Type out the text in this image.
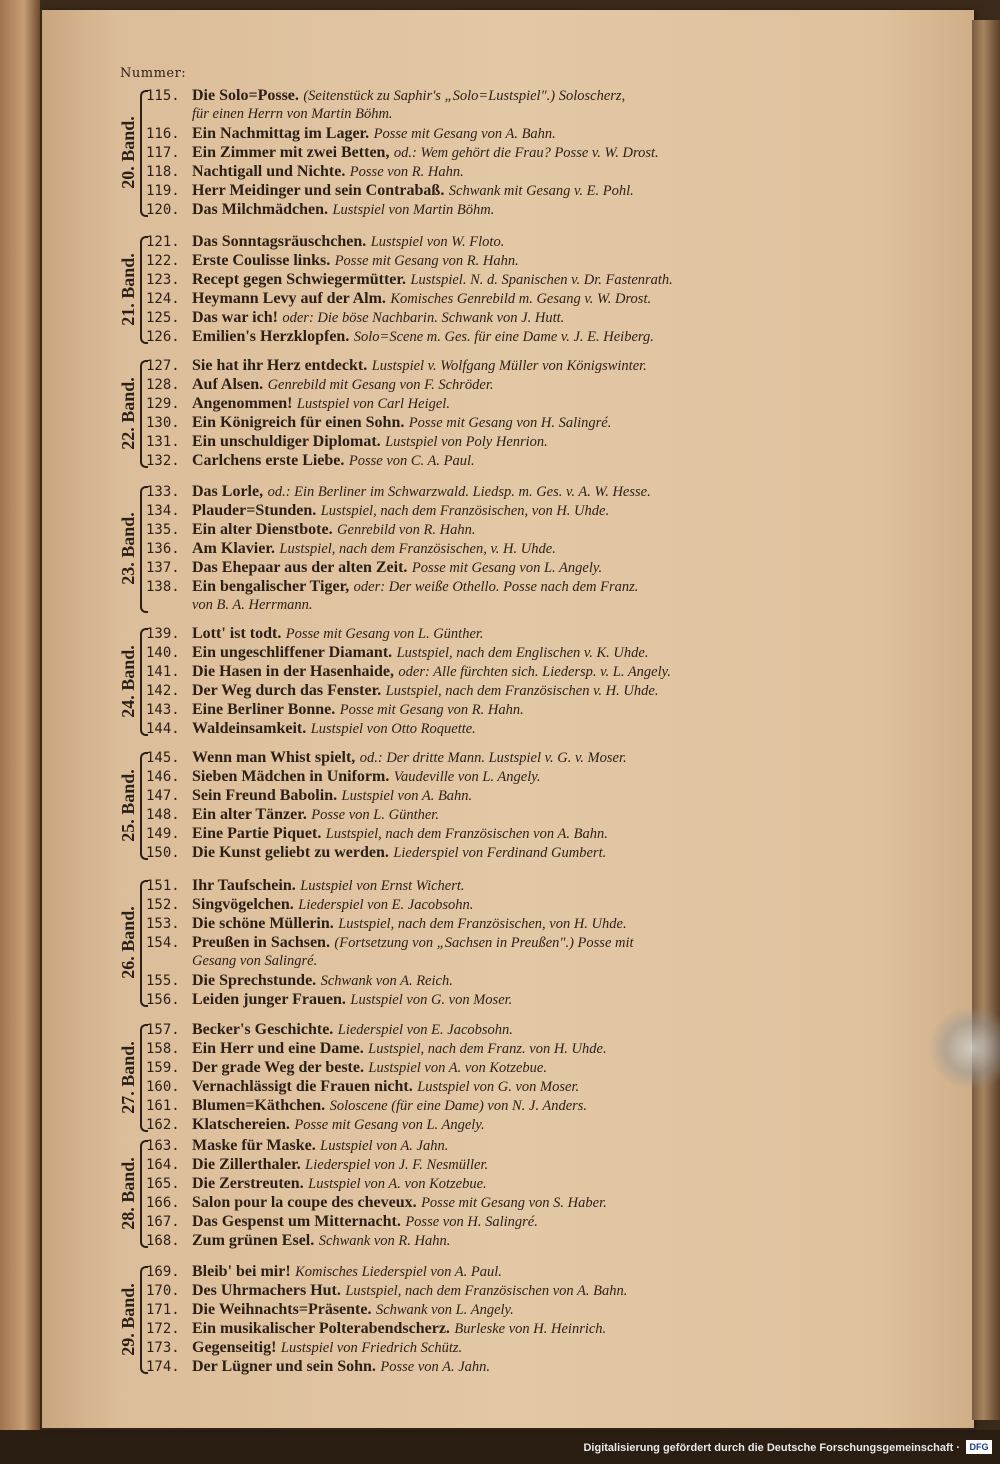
Nummer:
20. Band.
115. Die Solo=Posse. (Seitenstück zu Saphir's „Solo=Lustspiel".) Soloscherz,
für einen Herrn von Martin Böhm.
116. Ein Nachmittag im Lager. Posse mit Gesang von A. Bahn.
117. Ein Zimmer mit zwei Betten, od.: Wem gehört die Frau? Posse v. W. Drost.
118. Nachtigall und Nichte. Posse von R. Hahn.
119. Herr Meidinger und sein Contrabaß. Schwank mit Gesang v. E. Pohl.
120. Das Milchmädchen. Lustspiel von Martin Böhm.
21. Band.
121. Das Sonntagsräuschchen. Lustspiel von W. Floto.
122. Erste Coulisse links. Posse mit Gesang von R. Hahn.
123. Recept gegen Schwiegermütter. Lustspiel. N. d. Spanischen v. Dr. Fastenrath.
124. Heymann Levy auf der Alm. Komisches Genrebild m. Gesang v. W. Drost.
125. Das war ich! oder: Die böse Nachbarin. Schwank von J. Hutt.
126. Emilien's Herzklopfen. Solo=Scene m. Ges. für eine Dame v. J. E. Heiberg.
22. Band.
127. Sie hat ihr Herz entdeckt. Lustspiel v. Wolfgang Müller von Königswinter.
128. Auf Alsen. Genrebild mit Gesang von F. Schröder.
129. Angenommen! Lustspiel von Carl Heigel.
130. Ein Königreich für einen Sohn. Posse mit Gesang von H. Salingré.
131. Ein unschuldiger Diplomat. Lustspiel von Poly Henrion.
132. Carlchens erste Liebe. Posse von C. A. Paul.
23. Band.
133. Das Lorle, od.: Ein Berliner im Schwarzwald. Liedsp. m. Ges. v. A. W. Hesse.
134. Plauder=Stunden. Lustspiel, nach dem Französischen, von H. Uhde.
135. Ein alter Dienstbote. Genrebild von R. Hahn.
136. Am Klavier. Lustspiel, nach dem Französischen, v. H. Uhde.
137. Das Ehepaar aus der alten Zeit. Posse mit Gesang von L. Angely.
138. Ein bengalischer Tiger, oder: Der weiße Othello. Posse nach dem Franz.
von B. A. Herrmann.
24. Band.
139. Lott' ist todt. Posse mit Gesang von L. Günther.
140. Ein ungeschliffener Diamant. Lustspiel, nach dem Englischen v. K. Uhde.
141. Die Hasen in der Hasenhaide, oder: Alle fürchten sich. Liedersp. v. L. Angely.
142. Der Weg durch das Fenster. Lustspiel, nach dem Französischen v. H. Uhde.
143. Eine Berliner Bonne. Posse mit Gesang von R. Hahn.
144. Waldeinsamkeit. Lustspiel von Otto Roquette.
25. Band.
145. Wenn man Whist spielt, od.: Der dritte Mann. Lustspiel v. G. v. Moser.
146. Sieben Mädchen in Uniform. Vaudeville von L. Angely.
147. Sein Freund Babolin. Lustspiel von A. Bahn.
148. Ein alter Tänzer. Posse von L. Günther.
149. Eine Partie Piquet. Lustspiel, nach dem Französischen von A. Bahn.
150. Die Kunst geliebt zu werden. Liederspiel von Ferdinand Gumbert.
26. Band.
151. Ihr Taufschein. Lustspiel von Ernst Wichert.
152. Singvögelchen. Liederspiel von E. Jacobsohn.
153. Die schöne Müllerin. Lustspiel, nach dem Französischen, von H. Uhde.
154. Preußen in Sachsen. (Fortsetzung von „Sachsen in Preußen".) Posse mit
Gesang von Salingré.
155. Die Sprechstunde. Schwank von A. Reich.
156. Leiden junger Frauen. Lustspiel von G. von Moser.
27. Band.
157. Becker's Geschichte. Liederspiel von E. Jacobsohn.
158. Ein Herr und eine Dame. Lustspiel, nach dem Franz. von H. Uhde.
159. Der grade Weg der beste. Lustspiel von A. von Kotzebue.
160. Vernachlässigt die Frauen nicht. Lustspiel von G. von Moser.
161. Blumen=Käthchen. Soloscene (für eine Dame) von N. J. Anders.
162. Klatschereien. Posse mit Gesang von L. Angely.
28. Band.
163. Maske für Maske. Lustspiel von A. Jahn.
164. Die Zillerthaler. Liederspiel von J. F. Nesmüller.
165. Die Zerstreuten. Lustspiel von A. von Kotzebue.
166. Salon pour la coupe des cheveux. Posse mit Gesang von S. Haber.
167. Das Gespenst um Mitternacht. Posse von H. Salingré.
168. Zum grünen Esel. Schwank von R. Hahn.
29. Band.
169. Bleib' bei mir! Komisches Liederspiel von A. Paul.
170. Des Uhrmachers Hut. Lustspiel, nach dem Französischen von A. Bahn.
171. Die Weihnachts=Präsente. Schwank von L. Angely.
172. Ein musikalischer Polterabendscherz. Burleske von H. Heinrich.
173. Gegenseitig! Lustspiel von Friedrich Schütz.
174. Der Lügner und sein Sohn. Posse von A. Jahn.
Digitalisierung gefördert durch die Deutsche Forschungsgemeinschaft ·	DFG
